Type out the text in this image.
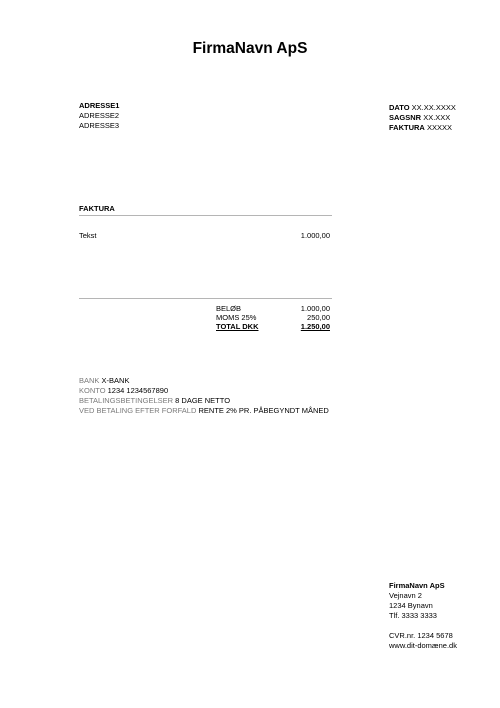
FirmaNavn ApS
ADRESSE1
ADRESSE2
ADRESSE3
DATO XX.XX.XXXX
SAGSNR XX.XXX
FAKTURA XXXXX
FAKTURA
Tekst	1.000,00
BELØB	1.000,00
MOMS 25%	250,00
TOTAL DKK	1.250,00
BANK X-BANK
KONTO 1234 1234567890
BETALINGSBETINGELSER 8 DAGE NETTO
VED BETALING EFTER FORFALD RENTE 2% PR. PÅBEGYNDT MÅNED
FirmaNavn ApS
Vejnavn 2
1234 Bynavn
Tlf. 3333 3333
CVR.nr. 1234 5678
www.dit-domæne.dk
